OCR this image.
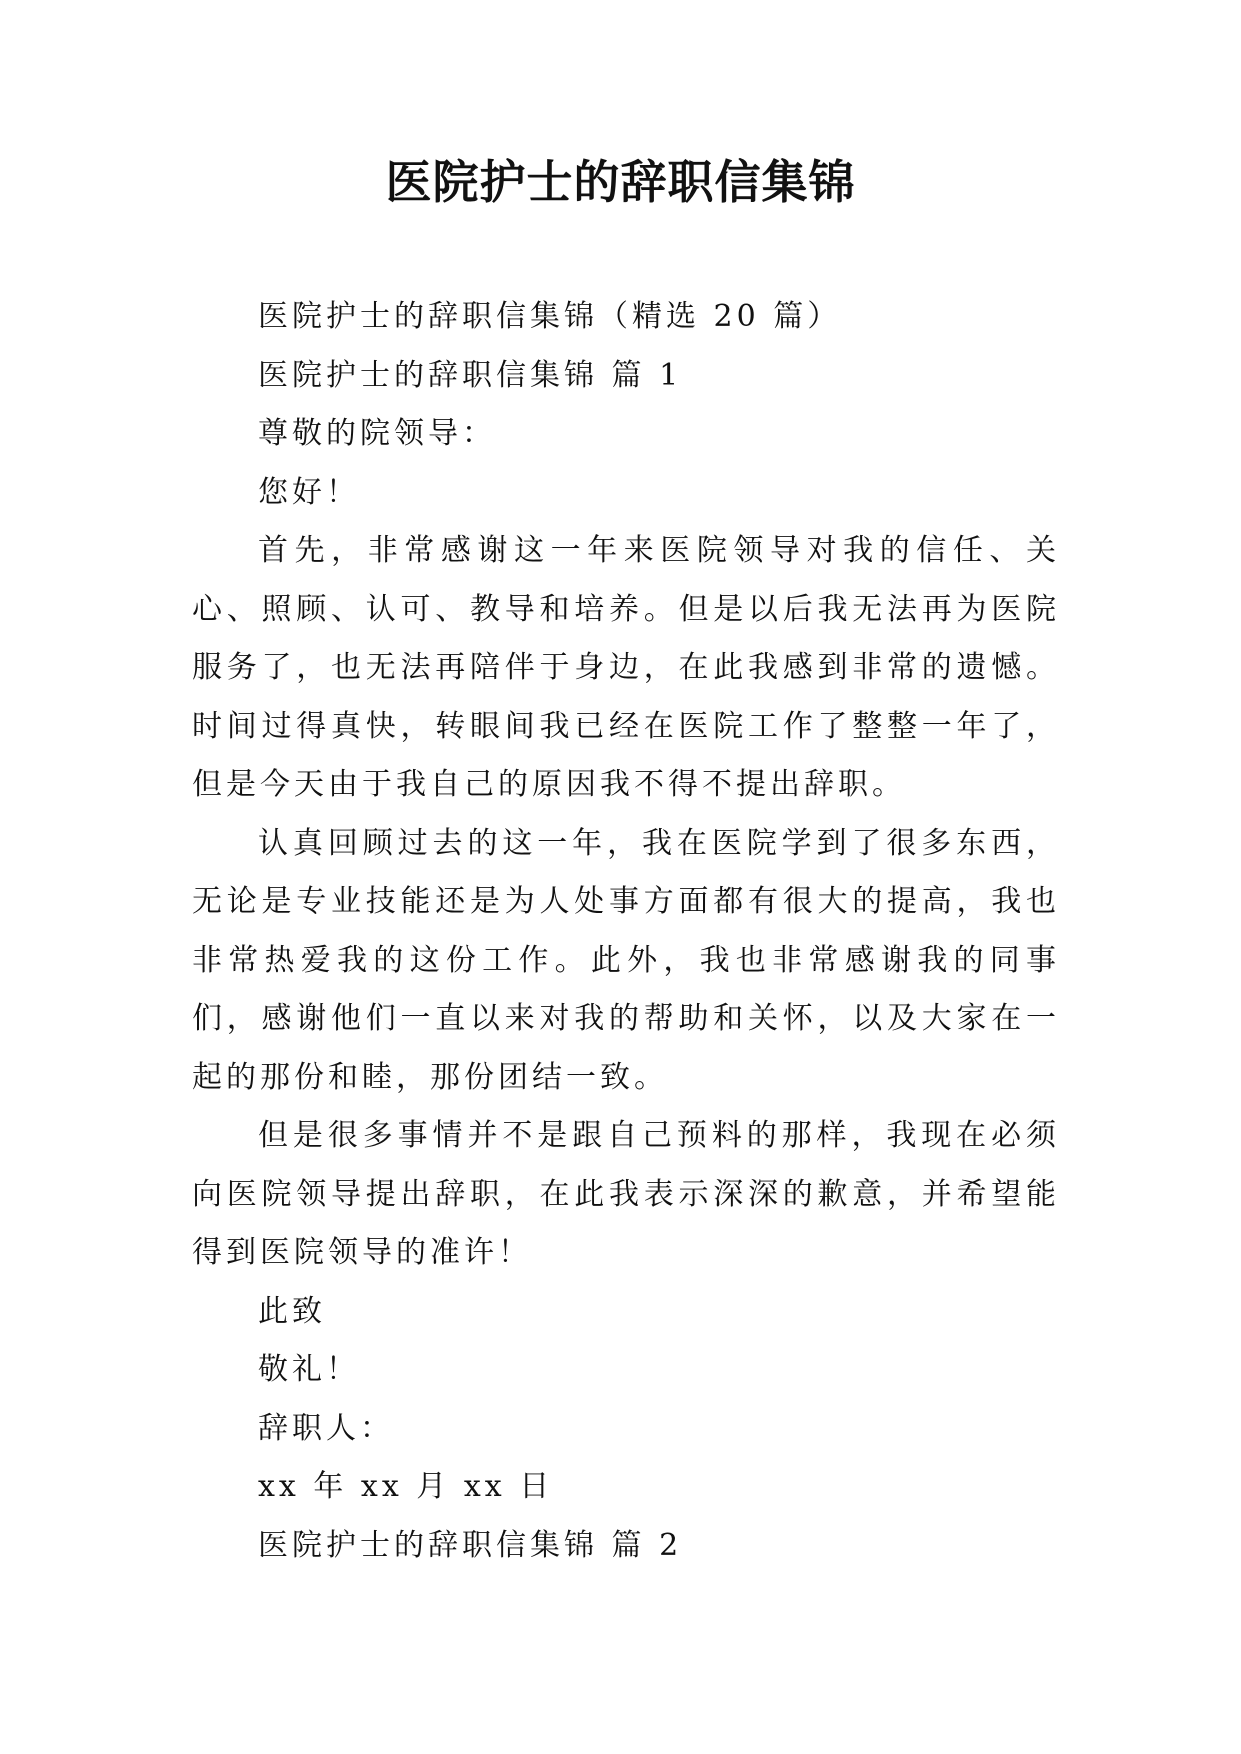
医院护士的辞职信集锦

医院护士的辞职信集锦（精选 20 篇）

医院护士的辞职信集锦 篇 1

尊敬的院领导：

您好！

首先，非常感谢这一年来医院领导对我的信任、关心、照顾、认可、教导和培养。但是以后我无法再为医院服务了，也无法再陪伴于身边，在此我感到非常的遗憾。时间过得真快，转眼间我已经在医院工作了整整一年了，但是今天由于我自己的原因我不得不提出辞职。

认真回顾过去的这一年，我在医院学到了很多东西，无论是专业技能还是为人处事方面都有很大的提高，我也非常热爱我的这份工作。此外，我也非常感谢我的同事们，感谢他们一直以来对我的帮助和关怀，以及大家在一起的那份和睦，那份团结一致。

但是很多事情并不是跟自己预料的那样，我现在必须向医院领导提出辞职，在此我表示深深的歉意，并希望能得到医院领导的准许！

此致

敬礼！

辞职人：

xx 年 xx 月 xx 日

医院护士的辞职信集锦 篇 2
